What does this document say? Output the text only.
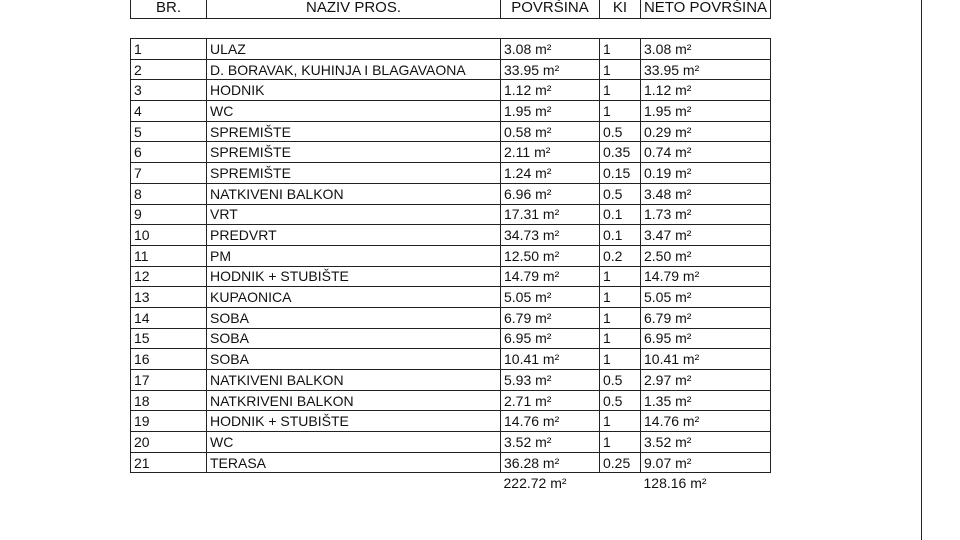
BR.	NAZIV PROS.	POVRŠINA	KI	NETO POVRŠINA
1	ULAZ	3.08 m²	1	3.08 m²
2	D. BORAVAK, KUHINJA I BLAGAVAONA	33.95 m²	1	33.95 m²
3	HODNIK	1.12 m²	1	1.12 m²
4	WC	1.95 m²	1	1.95 m²
5	SPREMIŠTE	0.58 m²	0.5	0.29 m²
6	SPREMIŠTE	2.11 m²	0.35	0.74 m²
7	SPREMIŠTE	1.24 m²	0.15	0.19 m²
8	NATKIVENI BALKON	6.96 m²	0.5	3.48 m²
9	VRT	17.31 m²	0.1	1.73 m²
10	PREDVRT	34.73 m²	0.1	3.47 m²
11	PM	12.50 m²	0.2	2.50 m²
12	HODNIK + STUBIŠTE	14.79 m²	1	14.79 m²
13	KUPAONICA	5.05 m²	1	5.05 m²
14	SOBA	6.79 m²	1	6.79 m²
15	SOBA	6.95 m²	1	6.95 m²
16	SOBA	10.41 m²	1	10.41 m²
17	NATKIVENI BALKON	5.93 m²	0.5	2.97 m²
18	NATKRIVENI BALKON	2.71 m²	0.5	1.35 m²
19	HODNIK + STUBIŠTE	14.76 m²	1	14.76 m²
20	WC	3.52 m²	1	3.52 m²
21	TERASA	36.28 m²	0.25	9.07 m²
		222.72 m²		128.16 m²
